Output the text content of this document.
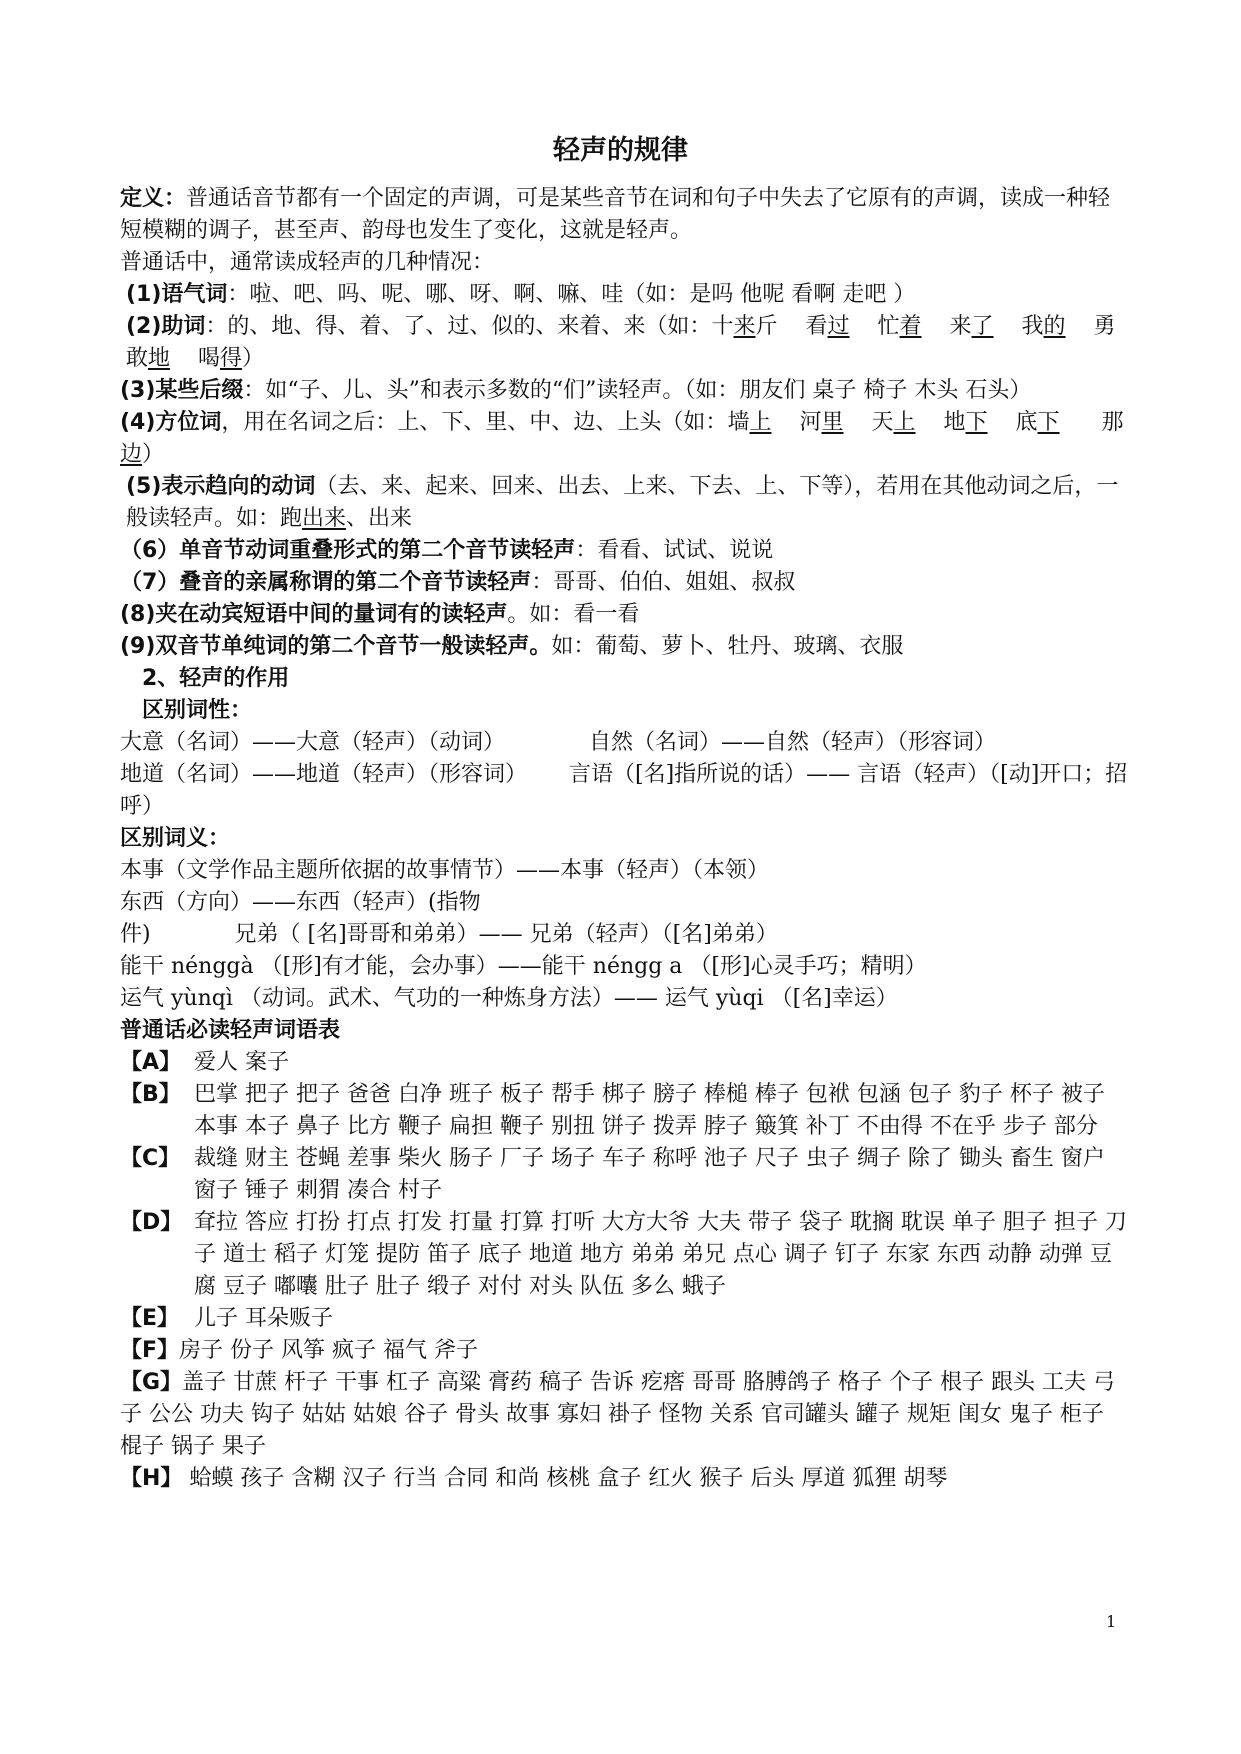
轻声的规律

定义：普通话音节都有一个固定的声调，可是某些音节在词和句子中失去了它原有的声调，读成一种轻短模糊的调子，甚至声、韵母也发生了变化，这就是轻声。

普通话中，通常读成轻声的几种情况：

(1)语气词：啦、吧、吗、呢、哪、呀、啊、嘛、哇（如：是吗 他呢 看啊 走吧 ）

(2)助词：的、地、得、着、了、过、似的、来着、来（如：十来斤 看过 忙着 来了 我的 勇敢地 喝得）

(3)某些后缀：如“子、儿、头”和表示多数的“们”读轻声。（如：朋友们 桌子 椅子 木头 石头）

(4)方位词，用在名词之后：上、下、里、中、边、上头（如：墙上 河里 天上 地下 底下 那边）

(5)表示趋向的动词（去、来、起来、回来、出去、上来、下去、上、下等），若用在其他动词之后，一般读轻声。如：跑出来、出来

（6）单音节动词重叠形式的第二个音节读轻声：看看、试试、说说

（7）叠音的亲属称谓的第二个音节读轻声：哥哥、伯伯、姐姐、叔叔

(8)夹在动宾短语中间的量词有的读轻声。如：看一看

(9)双音节单纯词的第二个音节一般读轻声。如：葡萄、萝卜、牡丹、玻璃、衣服

2、轻声的作用

区别词性：

大意（名词）——大意（轻声）（动词）	自然（名词）——自然（轻声）（形容词）

地道（名词）——地道（轻声）（形容词） 言语（[名]指所说的话）—— 言语（轻声）（[动]开口；招呼）

区别词义：

本事（文学作品主题所依据的故事情节）——本事（轻声）（本领）

东西（方向）——东西（轻声）(指物件)	兄弟（ [名]哥哥和弟弟）—— 兄弟（轻声）（[名]弟弟）

能干 nénggà （[形]有才能，会办事）——能干 néngg a （[形]心灵手巧；精明）

运气 yùnqì （动词。武术、气功的一种炼身方法）—— 运气 yùqi （[名]幸运）

普通话必读轻声词语表

【A】 爱人 案子
【B】 巴掌 把子 把子 爸爸 白净 班子 板子 帮手 梆子 膀子 棒槌 棒子 包袱 包涵 包子 豹子 杯子 被子 本事 本子 鼻子 比方 鞭子 扁担 鞭子 别扭 饼子 拨弄 脖子 簸箕 补丁 不由得 不在乎 步子 部分
【C】 裁缝 财主 苍蝇 差事 柴火 肠子 厂子 场子 车子 称呼 池子 尺子 虫子 绸子 除了 锄头 畜生 窗户 窗子 锤子 刺猬 凑合 村子
【D】 耷拉 答应 打扮 打点 打发 打量 打算 打听 大方大爷 大夫 带子 袋子 耽搁 耽误 单子 胆子 担子 刀子 道士 稻子 灯笼 提防 笛子 底子 地道 地方 弟弟 弟兄 点心 调子 钉子 东家 东西 动静 动弹 豆腐 豆子 嘟囔 肚子 肚子 缎子 对付 对头 队伍 多么 蛾子
【E】 儿子 耳朵贩子

【F】房子 份子 风筝 疯子 福气 斧子

【G】盖子 甘蔗 杆子 干事 杠子 高粱 膏药 稿子 告诉 疙瘩 哥哥 胳膊鸽子 格子 个子 根子 跟头 工夫 弓子 公公 功夫 钩子 姑姑 姑娘 谷子 骨头 故事 寡妇 褂子 怪物 关系 官司罐头 罐子 规矩 闺女 鬼子 柜子 棍子 锅子 果子

【H】 蛤蟆 孩子 含糊 汉子 行当 合同 和尚 核桃 盒子 红火 猴子 后头 厚道 狐狸 胡琴

1
